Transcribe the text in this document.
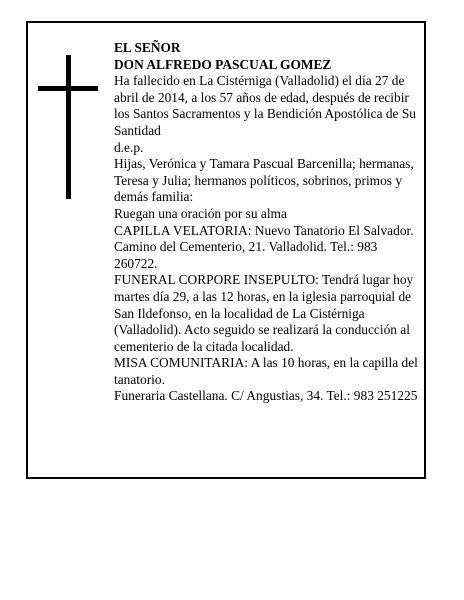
EL SEÑOR

DON ALFREDO PASCUAL GOMEZ

Ha fallecido en La Cistérniga (Valladolid) el día 27 de abril de 2014, a los 57 años de edad, después de recibir los Santos Sacramentos y la Bendición Apostólica de Su Santidad

d.e.p.

Hijas, Verónica y Tamara Pascual Barcenilla; hermanas, Teresa y Julia; hermanos políticos, sobrinos, primos y demás familia:

Ruegan una oración por su alma

CAPILLA VELATORIA: Nuevo Tanatorio El Salvador. Camino del Cementerio, 21. Valladolid. Tel.: 983 260722.

FUNERAL CORPORE INSEPULTO: Tendrá lugar hoy martes día 29, a las 12 horas, en la iglesia parroquial de San Ildefonso, en la localidad de La Cistérniga (Valladolid). Acto seguido se realizará la conducción al cementerio de la citada localidad.

MISA COMUNITARIA: A las 10 horas, en la capilla del tanatorio.

Funeraria Castellana. C/ Angustias, 34. Tel.: 983 251225
